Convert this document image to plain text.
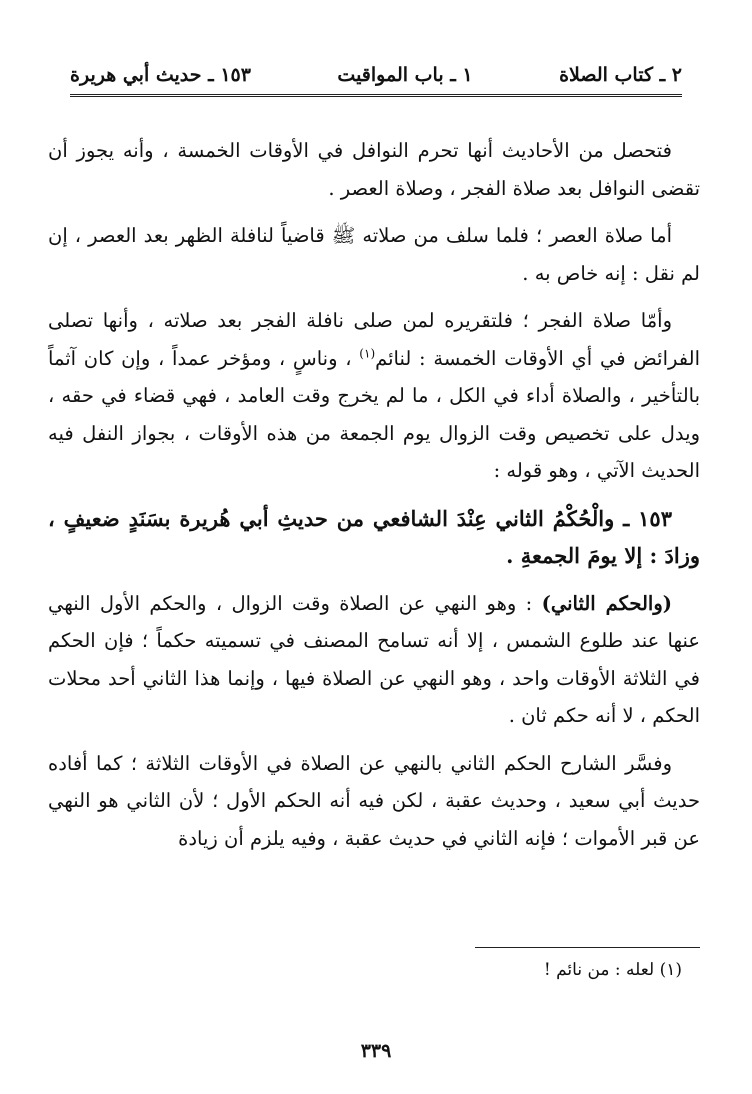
٢ ـ كتاب الصلاة
١ ـ باب المواقيت
١٥٣ ـ حديث أبي هريرة

فتحصل من الأحاديث أنها تحرم النوافل في الأوقات الخمسة ، وأنه يجوز أن تقضى النوافل بعد صلاة الفجر ، وصلاة العصر .

أما صلاة العصر ؛ فلما سلف من صلاته ﷺ قاضياً لنافلة الظهر بعد العصر ، إن لم نقل : إنه خاص به .

وأمّا صلاة الفجر ؛ فلتقريره لمن صلى نافلة الفجر بعد صلاته ، وأنها تصلى الفرائض في أي الأوقات الخمسة : لنائم$^{(١)}$ ، وناسٍ ، ومؤخر عمداً ، وإن كان آثماً بالتأخير ، والصلاة أداء في الكل ، ما لم يخرج وقت العامد ، فهي قضاء في حقه ، ويدل على تخصيص وقت الزوال يوم الجمعة من هذه الأوقات ، بجواز النفل فيه الحديث الآتي ، وهو قوله :

١٥٣ ـ والْحُكْمُ الثاني عِنْدَ الشافعي من حديثِ أبي هُريرة بسَنَدٍ ضعيفٍ ، وزادَ : إلا يومَ الجمعةِ .

(والحكم الثاني) : وهو النهي عن الصلاة وقت الزوال ، والحكم الأول النهي عنها عند طلوع الشمس ، إلا أنه تسامح المصنف في تسميته حكماً ؛ فإن الحكم في الثلاثة الأوقات واحد ، وهو النهي عن الصلاة فيها ، وإنما هذا الثاني أحد محلات الحكم ، لا أنه حكم ثان .

وفسَّر الشارح الحكم الثاني بالنهي عن الصلاة في الأوقات الثلاثة ؛ كما أفاده حديث أبي سعيد ، وحديث عقبة ، لكن فيه أنه الحكم الأول ؛ لأن الثاني هو النهي عن قبر الأموات ؛ فإنه الثاني في حديث عقبة ، وفيه يلزم أن زيادة

(١) لعله : من نائم !
٣٣٩
